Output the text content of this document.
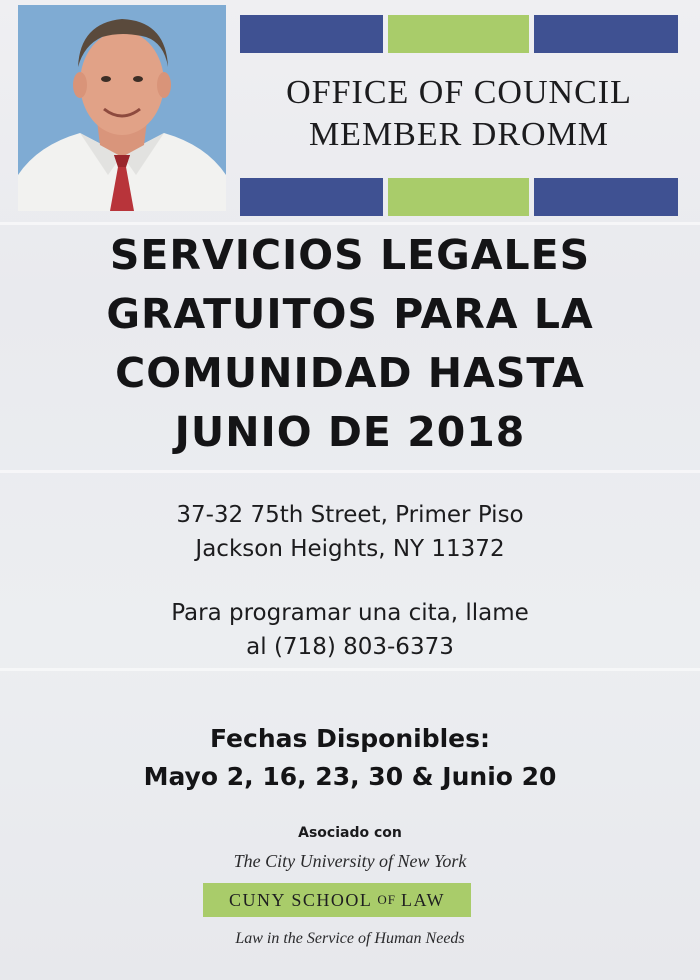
OFFICE OF COUNCIL
MEMBER DROMM
SERVICIOS LEGALES
GRATUITOS PARA LA
COMUNIDAD HASTA
JUNIO DE 2018
37-32 75th Street, Primer Piso
Jackson Heights, NY 11372
Para programar una cita, llame
al (718) 803-6373
Fechas Disponibles:
Mayo 2, 16, 23, 30 & Junio 20
Asociado con
The City University of New York
CUNY SCHOOL OF LAW
Law in the Service of Human Needs
